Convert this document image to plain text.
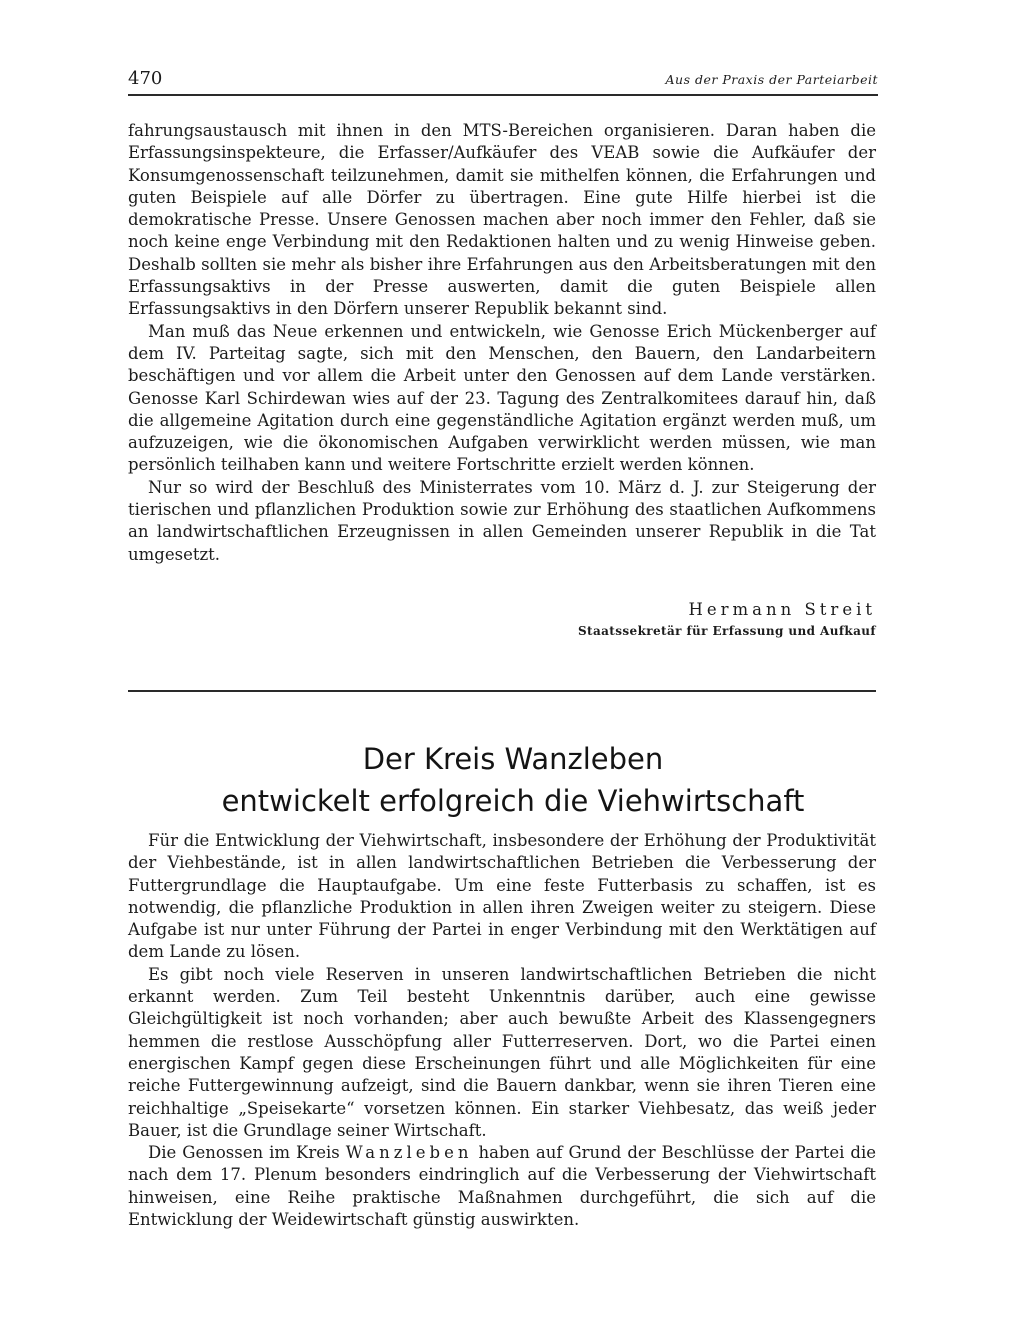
470	Aus der Praxis der Parteiarbeit

fahrungsaustausch mit ihnen in den MTS-Bereichen organisieren. Daran haben die Erfassungsinspekteure, die Erfasser/Aufkäufer des VEAB sowie die Aufkäufer der Konsumgenossenschaft teilzunehmen, damit sie mithelfen können, die Erfahrungen und guten Beispiele auf alle Dörfer zu übertragen. Eine gute Hilfe hierbei ist die demokratische Presse. Unsere Genossen machen aber noch immer den Fehler, daß sie noch keine enge Verbindung mit den Redaktionen halten und zu wenig Hinweise geben. Deshalb sollten sie mehr als bisher ihre Erfahrungen aus den Arbeitsberatungen mit den Erfassungsaktivs in der Presse auswerten, damit die guten Beispiele allen Erfassungsaktivs in den Dörfern unserer Republik bekannt sind.

Man muß das Neue erkennen und entwickeln, wie Genosse Erich Mückenberger auf dem IV. Parteitag sagte, sich mit den Menschen, den Bauern, den Landarbeitern beschäftigen und vor allem die Arbeit unter den Genossen auf dem Lande verstärken. Genosse Karl Schirdewan wies auf der 23. Tagung des Zentralkomitees darauf hin, daß die allgemeine Agitation durch eine gegenständliche Agitation ergänzt werden muß, um aufzuzeigen, wie die ökonomischen Aufgaben verwirklicht werden müssen, wie man persönlich teilhaben kann und weitere Fortschritte erzielt werden können.

Nur so wird der Beschluß des Ministerrates vom 10. März d. J. zur Steigerung der tierischen und pflanzlichen Produktion sowie zur Erhöhung des staatlichen Aufkommens an landwirtschaftlichen Erzeugnissen in allen Gemeinden unserer Republik in die Tat umgesetzt.

Hermann Streit
Staatssekretär für Erfassung und Aufkauf
Der Kreis Wanzleben
entwickelt erfolgreich die Viehwirtschaft

Für die Entwicklung der Viehwirtschaft, insbesondere der Erhöhung der Produktivität der Viehbestände, ist in allen landwirtschaftlichen Betrieben die Verbesserung der Futtergrundlage die Hauptaufgabe. Um eine feste Futterbasis zu schaffen, ist es notwendig, die pflanzliche Produktion in allen ihren Zweigen weiter zu steigern. Diese Aufgabe ist nur unter Führung der Partei in enger Verbindung mit den Werktätigen auf dem Lande zu lösen.

Es gibt noch viele Reserven in unseren landwirtschaftlichen Betrieben die nicht erkannt werden. Zum Teil besteht Unkenntnis darüber, auch eine gewisse Gleichgültigkeit ist noch vorhanden; aber auch bewußte Arbeit des Klassengegners hemmen die restlose Ausschöpfung aller Futterreserven. Dort, wo die Partei einen energischen Kampf gegen diese Erscheinungen führt und alle Möglichkeiten für eine reiche Futtergewinnung aufzeigt, sind die Bauern dankbar, wenn sie ihren Tieren eine reichhaltige „Speisekarte“ vorsetzen können. Ein starker Viehbesatz, das weiß jeder Bauer, ist die Grundlage seiner Wirtschaft.

Die Genossen im Kreis Wanzleben haben auf Grund der Beschlüsse der Partei die nach dem 17. Plenum besonders eindringlich auf die Verbesserung der Viehwirtschaft hinweisen, eine Reihe praktische Maßnahmen durchgeführt, die sich auf die Entwicklung der Weidewirtschaft günstig auswirkten.
